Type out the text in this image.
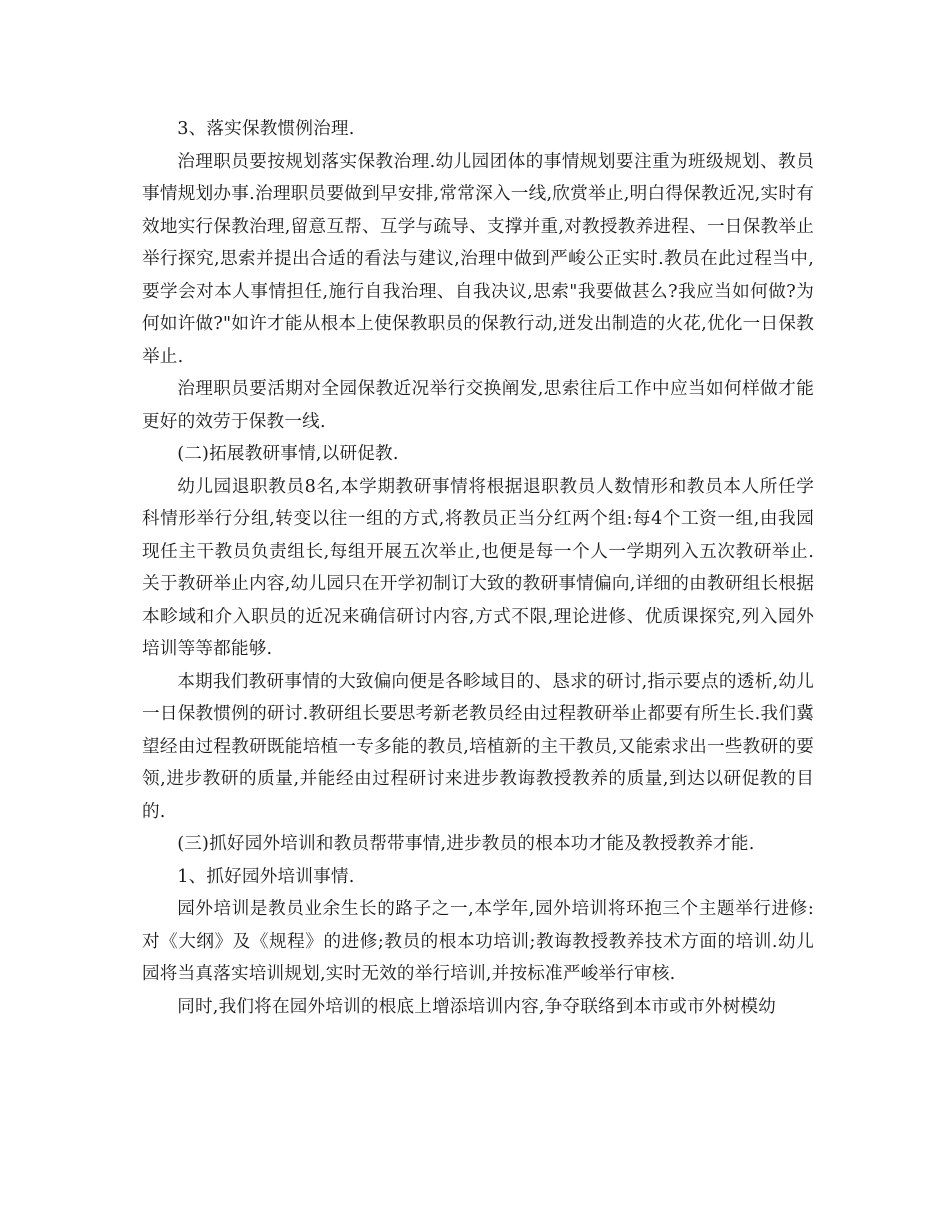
3、落实保教惯例治理.

治理职员要按规划落实保教治理.幼儿园团体的事情规划要注重为班级规划、教员事情规划办事.治理职员要做到早安排,常常深入一线,欣赏举止,明白得保教近况,实时有效地实行保教治理,留意互帮、互学与疏导、支撑并重,对教授教养进程、一日保教举止举行探究,思索并提出合适的看法与建议,治理中做到严峻公正实时.教员在此过程当中,要学会对本人事情担任,施行自我治理、自我决议,思索"我要做甚么?我应当如何做?为何如许做?"如许才能从根本上使保教职员的保教行动,迸发出制造的火花,优化一日保教举止.

治理职员要活期对全园保教近况举行交换阐发,思索往后工作中应当如何样做才能更好的效劳于保教一线.

(二)拓展教研事情,以研促教.

幼儿园退职教员8名,本学期教研事情将根据退职教员人数情形和教员本人所任学科情形举行分组,转变以往一组的方式,将教员正当分红两个组:每4个工资一组,由我园现任主干教员负责组长,每组开展五次举止,也便是每一个人一学期列入五次教研举止.关于教研举止内容,幼儿园只在开学初制订大致的教研事情偏向,详细的由教研组长根据本畛域和介入职员的近况来确信研讨内容,方式不限,理论进修、优质课探究,列入园外培训等等都能够.

本期我们教研事情的大致偏向便是各畛域目的、恳求的研讨,指示要点的透析,幼儿一日保教惯例的研讨.教研组长要思考新老教员经由过程教研举止都要有所生长.我们冀望经由过程教研既能培植一专多能的教员,培植新的主干教员,又能索求出一些教研的要领,进步教研的质量,并能经由过程研讨来进步教诲教授教养的质量,到达以研促教的目的.

(三)抓好园外培训和教员帮带事情,进步教员的根本功才能及教授教养才能.

1、抓好园外培训事情.

园外培训是教员业余生长的路子之一,本学年,园外培训将环抱三个主题举行进修:对《大纲》及《规程》的进修;教员的根本功培训;教诲教授教养技术方面的培训.幼儿园将当真落实培训规划,实时无效的举行培训,并按标准严峻举行审核.

同时,我们将在园外培训的根底上增添培训内容,争夺联络到本市或市外树模幼
